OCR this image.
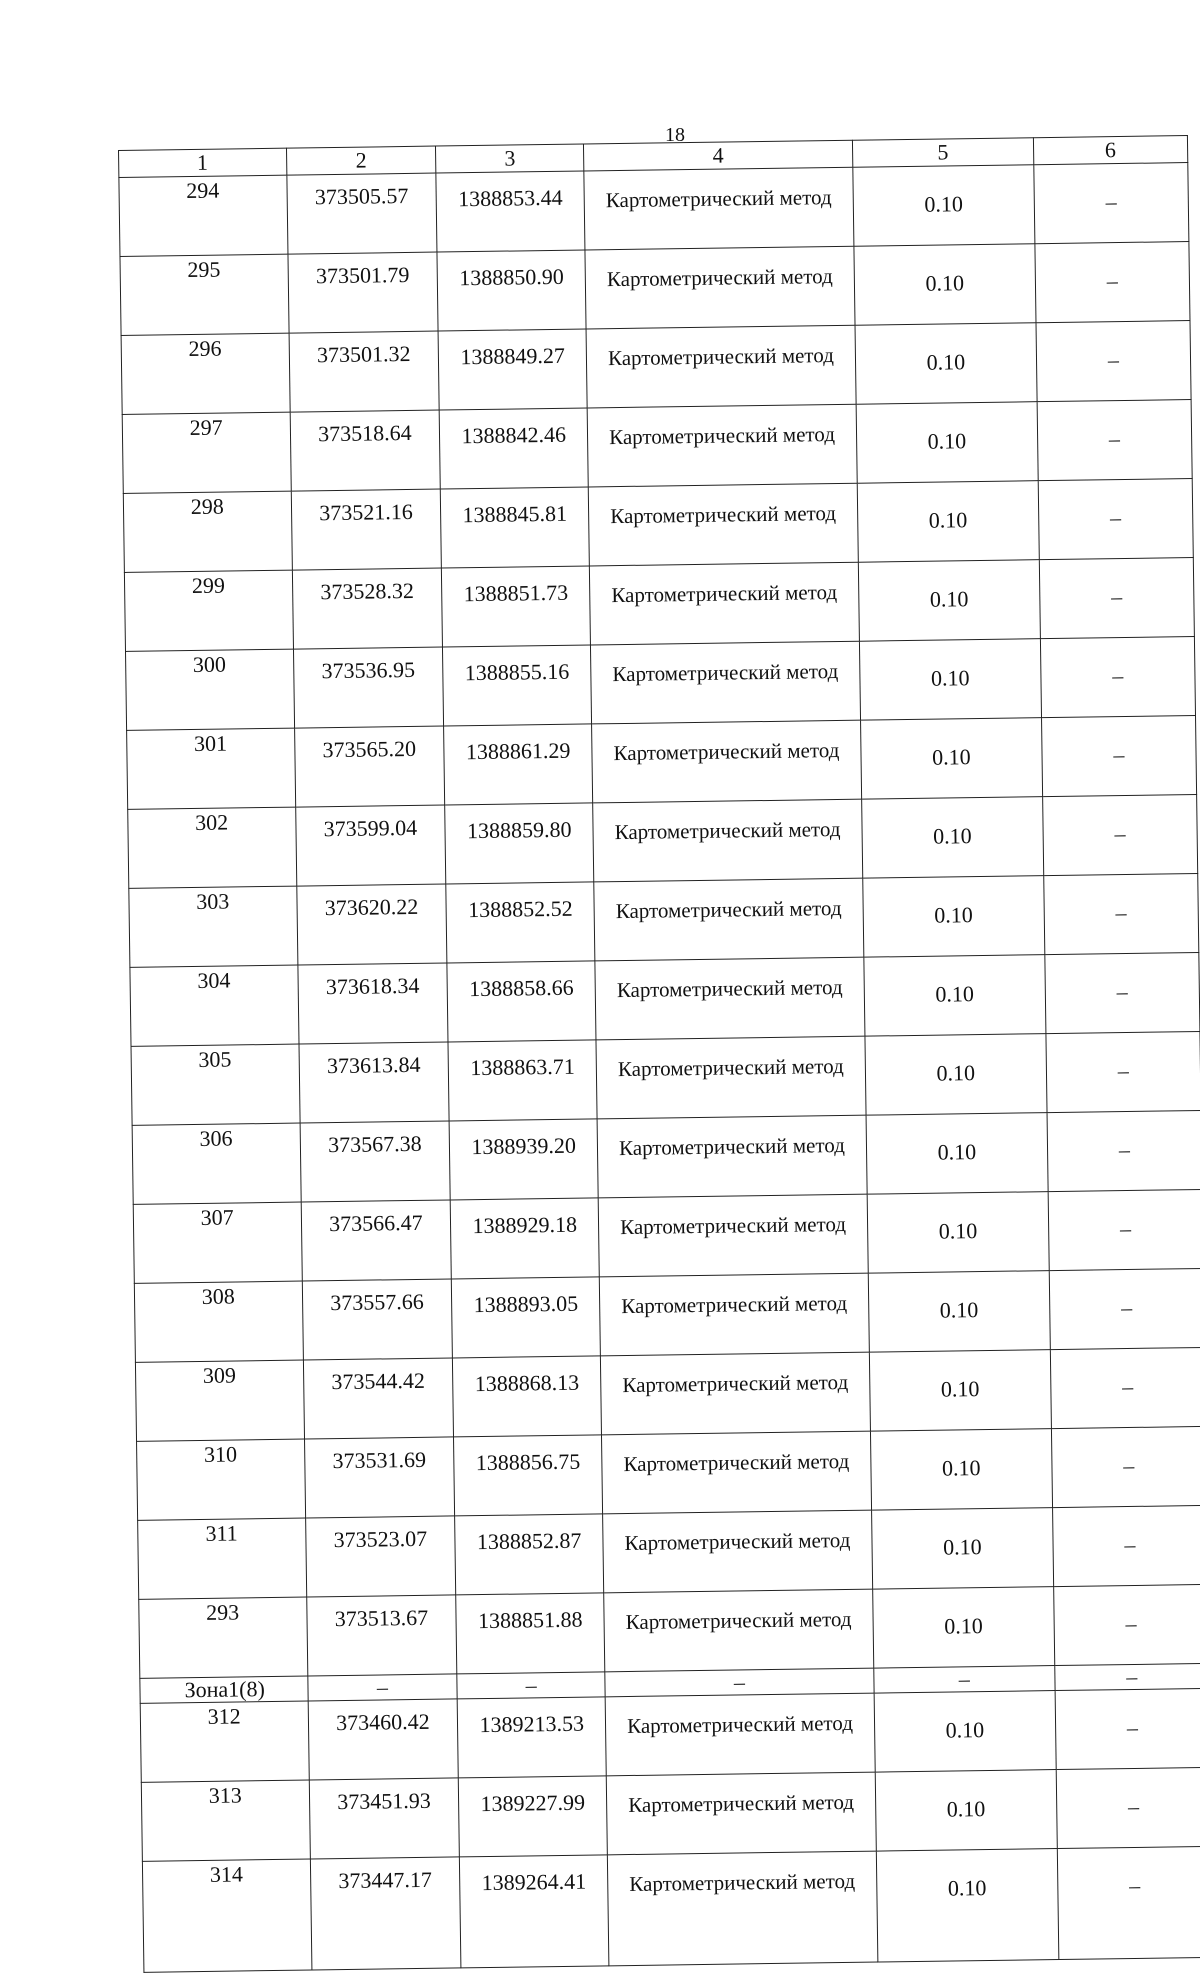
18
1	2	3	4	5	6
294	373505.57	1388853.44	Картометрический метод	0.10	–
295	373501.79	1388850.90	Картометрический метод	0.10	–
296	373501.32	1388849.27	Картометрический метод	0.10	–
297	373518.64	1388842.46	Картометрический метод	0.10	–
298	373521.16	1388845.81	Картометрический метод	0.10	–
299	373528.32	1388851.73	Картометрический метод	0.10	–
300	373536.95	1388855.16	Картометрический метод	0.10	–
301	373565.20	1388861.29	Картометрический метод	0.10	–
302	373599.04	1388859.80	Картометрический метод	0.10	–
303	373620.22	1388852.52	Картометрический метод	0.10	–
304	373618.34	1388858.66	Картометрический метод	0.10	–
305	373613.84	1388863.71	Картометрический метод	0.10	–
306	373567.38	1388939.20	Картометрический метод	0.10	–
307	373566.47	1388929.18	Картометрический метод	0.10	–
308	373557.66	1388893.05	Картометрический метод	0.10	–
309	373544.42	1388868.13	Картометрический метод	0.10	–
310	373531.69	1388856.75	Картометрический метод	0.10	–
311	373523.07	1388852.87	Картометрический метод	0.10	–
293	373513.67	1388851.88	Картометрический метод	0.10	–
Зона1(8)	–	–	–	–	–
312	373460.42	1389213.53	Картометрический метод	0.10	–
313	373451.93	1389227.99	Картометрический метод	0.10	–
314	373447.17	1389264.41	Картометрический метод	0.10	–
